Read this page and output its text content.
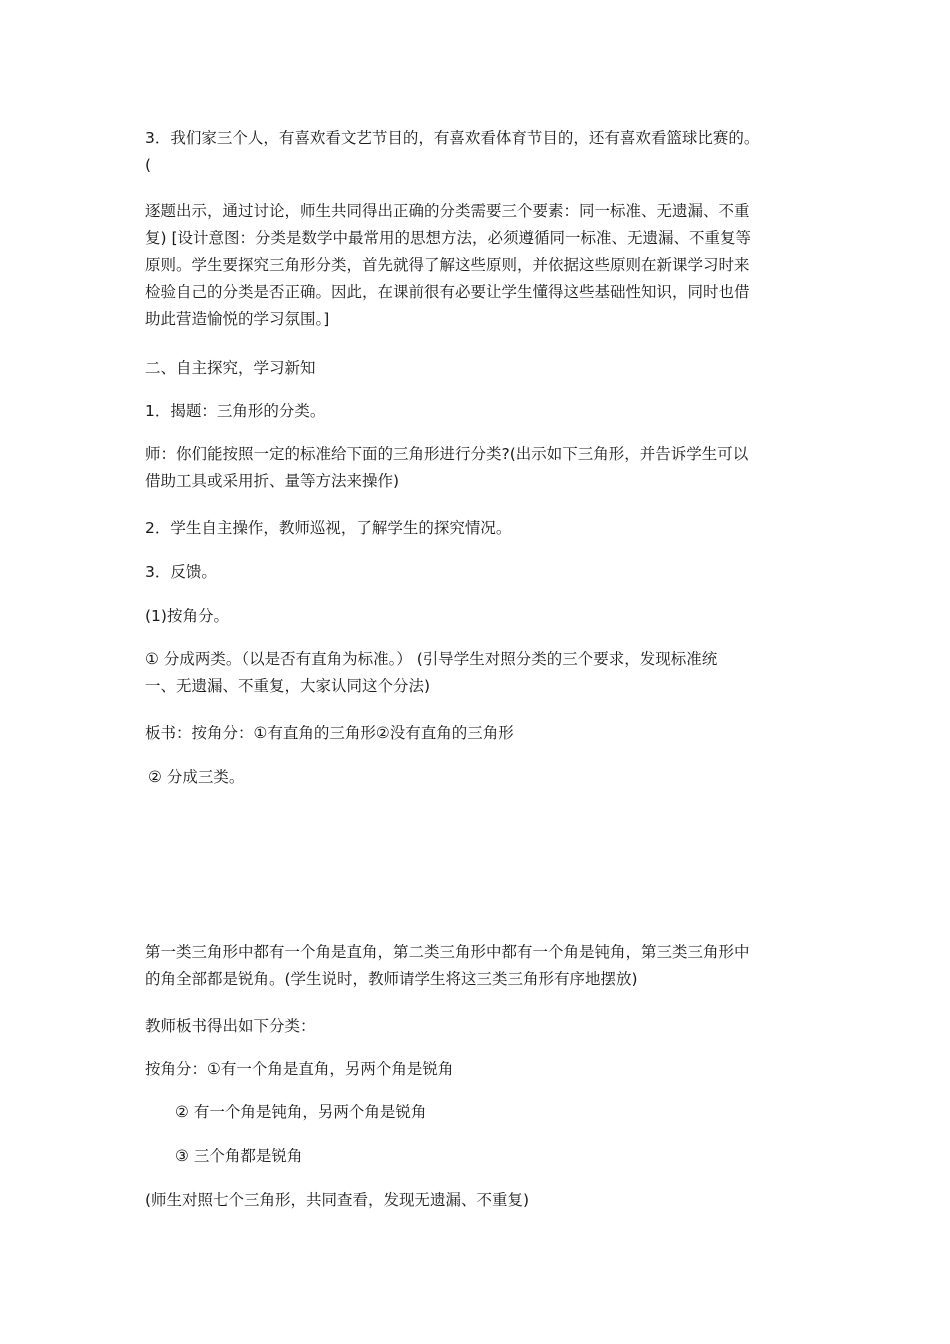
3．我们家三个人，有喜欢看文艺节目的，有喜欢看体育节目的，还有喜欢看篮球比赛的。
(

逐题出示，通过讨论，师生共同得出正确的分类需要三个要素：同一标准、无遗漏、不重
复) [设计意图：分类是数学中最常用的思想方法，必须遵循同一标准、无遗漏、不重复等
原则。学生要探究三角形分类，首先就得了解这些原则，并依据这些原则在新课学习时来
检验自己的分类是否正确。因此，在课前很有必要让学生懂得这些基础性知识，同时也借
助此营造愉悦的学习氛围。]

二、自主探究，学习新知

1．揭题：三角形的分类。

师：你们能按照一定的标准给下面的三角形进行分类?(出示如下三角形，并告诉学生可以
借助工具或采用折、量等方法来操作)

2．学生自主操作，教师巡视，了解学生的探究情况。

3．反馈。

(1)按角分。

① 分成两类。（以是否有直角为标准。） (引导学生对照分类的三个要求，发现标准统
一、无遗漏、不重复，大家认同这个分法)

板书：按角分：①有直角的三角形②没有直角的三角形

② 分成三类。

第一类三角形中都有一个角是直角，第二类三角形中都有一个角是钝角，第三类三角形中
的角全部都是锐角。(学生说时，教师请学生将这三类三角形有序地摆放)

教师板书得出如下分类：

按角分：①有一个角是直角，另两个角是锐角

② 有一个角是钝角，另两个角是锐角

③ 三个角都是锐角

(师生对照七个三角形，共同查看，发现无遗漏、不重复)
